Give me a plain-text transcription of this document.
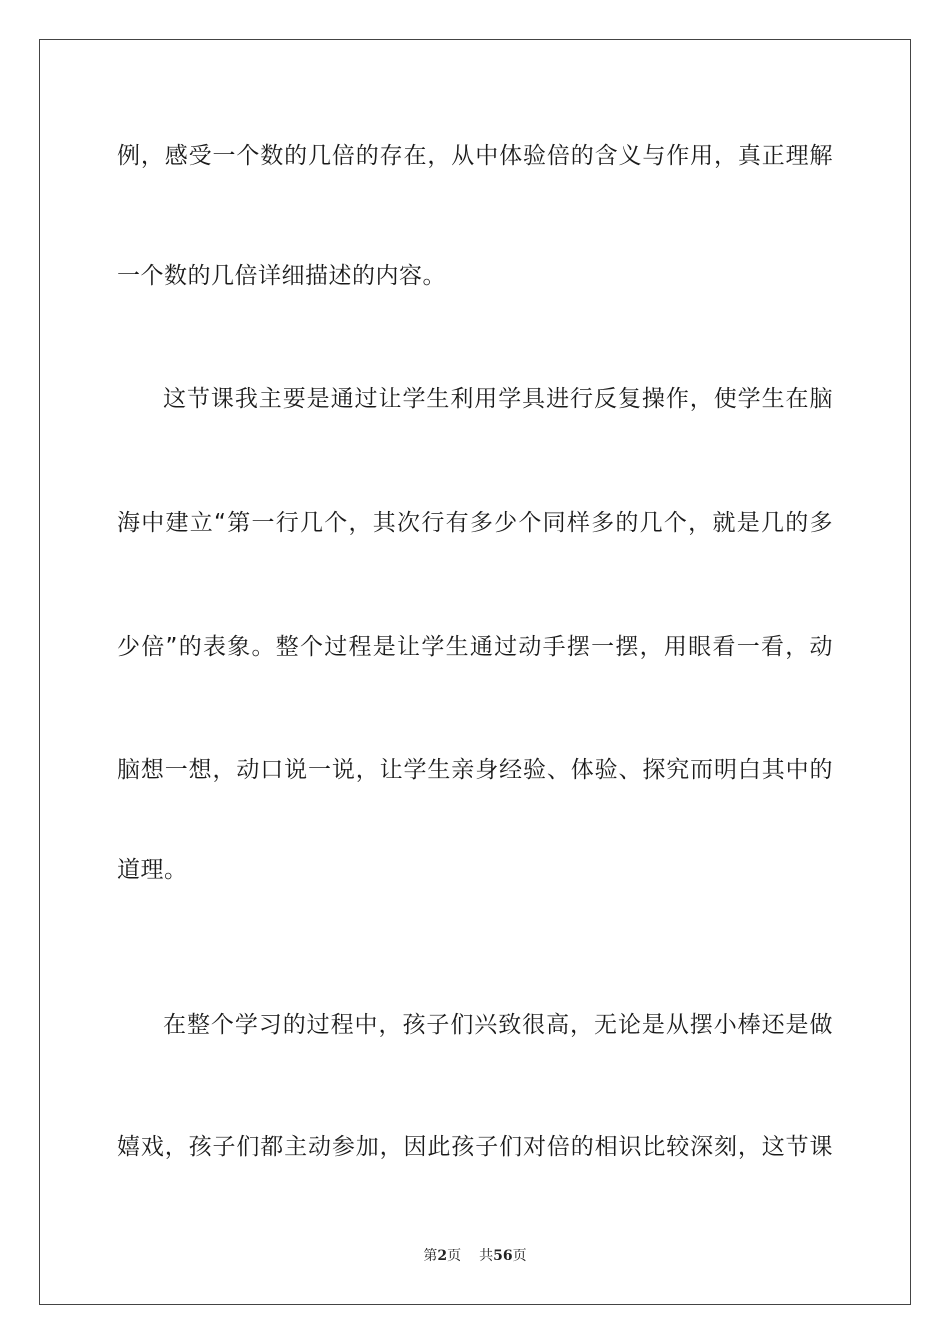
例，感受一个数的几倍的存在，从中体验倍的含义与作用，真正理解
一个数的几倍详细描述的内容。
这节课我主要是通过让学生利用学具进行反复操作，使学生在脑
海中建立“第一行几个，其次行有多少个同样多的几个，就是几的多
少倍”的表象。整个过程是让学生通过动手摆一摆，用眼看一看，动
脑想一想，动口说一说，让学生亲身经验、体验、探究而明白其中的
道理。
在整个学习的过程中，孩子们兴致很高，无论是从摆小棒还是做
嬉戏，孩子们都主动参加，因此孩子们对倍的相识比较深刻，这节课
第2页 共56页
